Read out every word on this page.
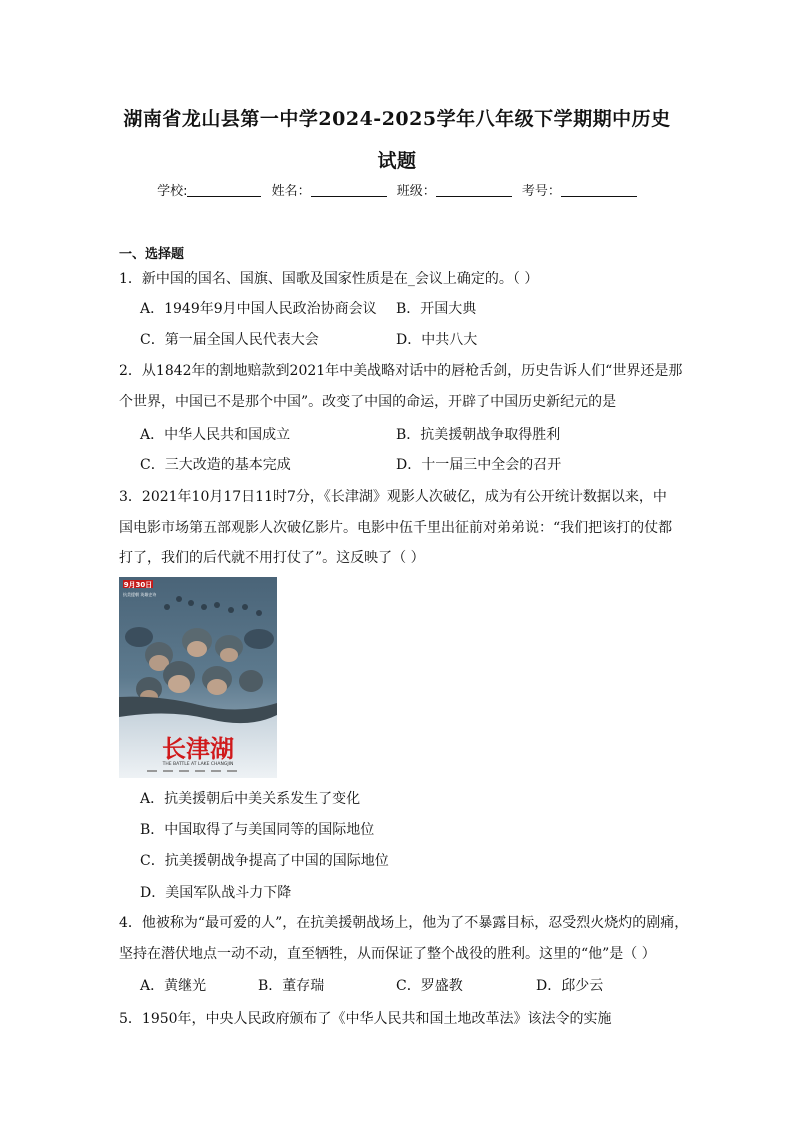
湖南省龙山县第一中学2024-2025学年八年级下学期期中历史
试题
学校:	姓名：	班级：	考号：
一、选择题
1．新中国的国名、国旗、国歌及国家性质是在_会议上确定的。（ ）
A．1949年9月中国人民政治协商会议 B．开国大典
C．第一届全国人民代表大会	D．中共八大
2．从1842年的割地赔款到2021年中美战略对话中的唇枪舌剑，历史告诉人们“世界还是那
个世界，中国已不是那个中国”。改变了中国的命运，开辟了中国历史新纪元的是
A．中华人民共和国成立	B．抗美援朝战争取得胜利
C．三大改造的基本完成	D．十一届三中全会的召开
3．2021年10月17日11时7分，《长津湖》观影人次破亿，成为有公开统计数据以来，中
国电影市场第五部观影人次破亿影片。电影中伍千里出征前对弟弟说：“我们把该打的仗都
打了，我们的后代就不用打仗了”。这反映了（ ）
9月30日
抗美援朝 英雄史诗
长津湖
THE BATTLE AT LAKE CHANGJIN
A．抗美援朝后中美关系发生了变化
B．中国取得了与美国同等的国际地位
C．抗美援朝战争提高了中国的国际地位
D．美国军队战斗力下降
4．他被称为“最可爱的人”，在抗美援朝战场上，他为了不暴露目标，忍受烈火烧灼的剧痛，
坚持在潜伏地点一动不动，直至牺牲，从而保证了整个战役的胜利。这里的“他”是（ ）
A．黄继光	B．董存瑞	C．罗盛教	D．邱少云
5．1950年，中央人民政府颁布了《中华人民共和国土地改革法》该法令的实施
